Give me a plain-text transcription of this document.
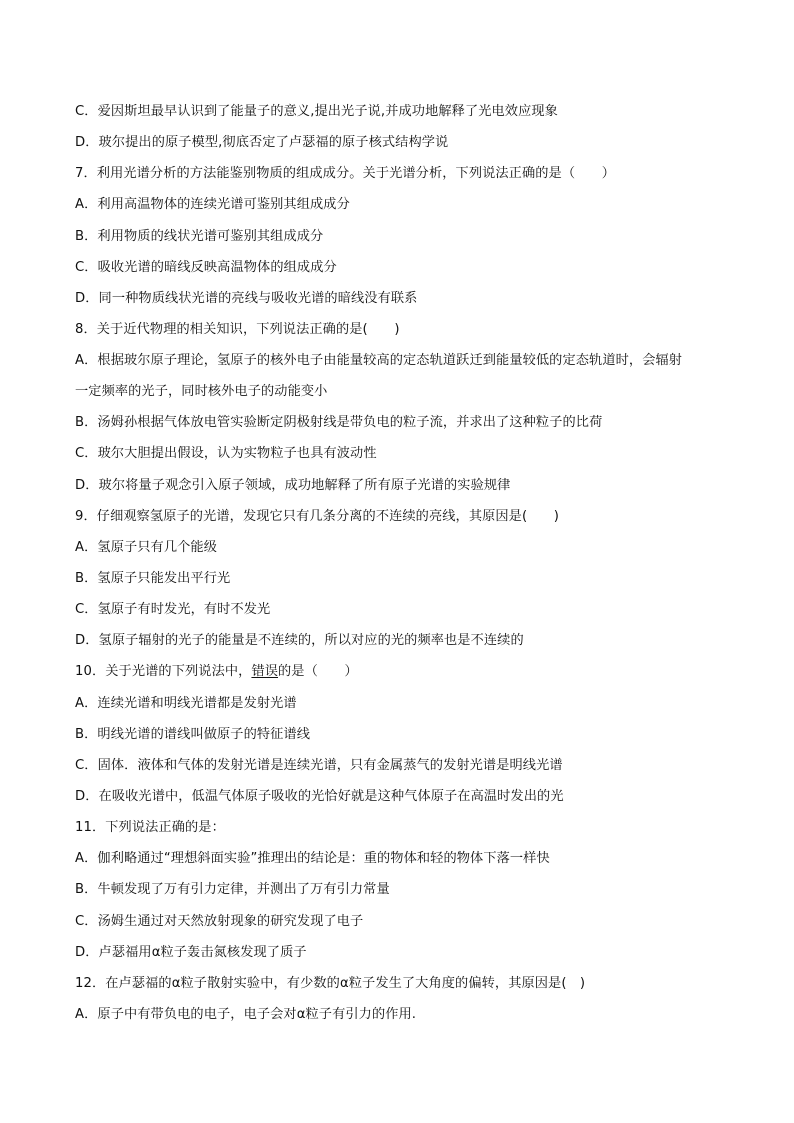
C．爱因斯坦最早认识到了能量子的意义,提出光子说,并成功地解释了光电效应现象
D．玻尔提出的原子模型,彻底否定了卢瑟福的原子核式结构学说
7．利用光谱分析的方法能鉴别物质的组成成分。关于光谱分析，下列说法正确的是（　　）
A．利用高温物体的连续光谱可鉴别其组成成分
B．利用物质的线状光谱可鉴别其组成成分
C．吸收光谱的暗线反映高温物体的组成成分
D．同一种物质线状光谱的亮线与吸收光谱的暗线没有联系
8．关于近代物理的相关知识，下列说法正确的是(　　)
A．根据玻尔原子理论，氢原子的核外电子由能量较高的定态轨道跃迁到能量较低的定态轨道时，会辐射
一定频率的光子，同时核外电子的动能变小
B．汤姆孙根据气体放电管实验断定阴极射线是带负电的粒子流，并求出了这种粒子的比荷
C．玻尔大胆提出假设，认为实物粒子也具有波动性
D．玻尔将量子观念引入原子领域，成功地解释了所有原子光谱的实验规律
9．仔细观察氢原子的光谱，发现它只有几条分离的不连续的亮线，其原因是(　　)
A．氢原子只有几个能级
B．氢原子只能发出平行光
C．氢原子有时发光，有时不发光
D．氢原子辐射的光子的能量是不连续的，所以对应的光的频率也是不连续的
10．关于光谱的下列说法中，错误的是（　　）
A．连续光谱和明线光谱都是发射光谱
B．明线光谱的谱线叫做原子的特征谱线
C．固体．液体和气体的发射光谱是连续光谱，只有金属蒸气的发射光谱是明线光谱
D．在吸收光谱中，低温气体原子吸收的光恰好就是这种气体原子在高温时发出的光
11．下列说法正确的是：
A．伽利略通过“理想斜面实验”推理出的结论是：重的物体和轻的物体下落一样快
B．牛顿发现了万有引力定律，并测出了万有引力常量
C．汤姆生通过对天然放射现象的研究发现了电子
D．卢瑟福用α粒子轰击氮核发现了质子
12．在卢瑟福的α粒子散射实验中，有少数的α粒子发生了大角度的偏转，其原因是(　)
A．原子中有带负电的电子，电子会对α粒子有引力的作用.
